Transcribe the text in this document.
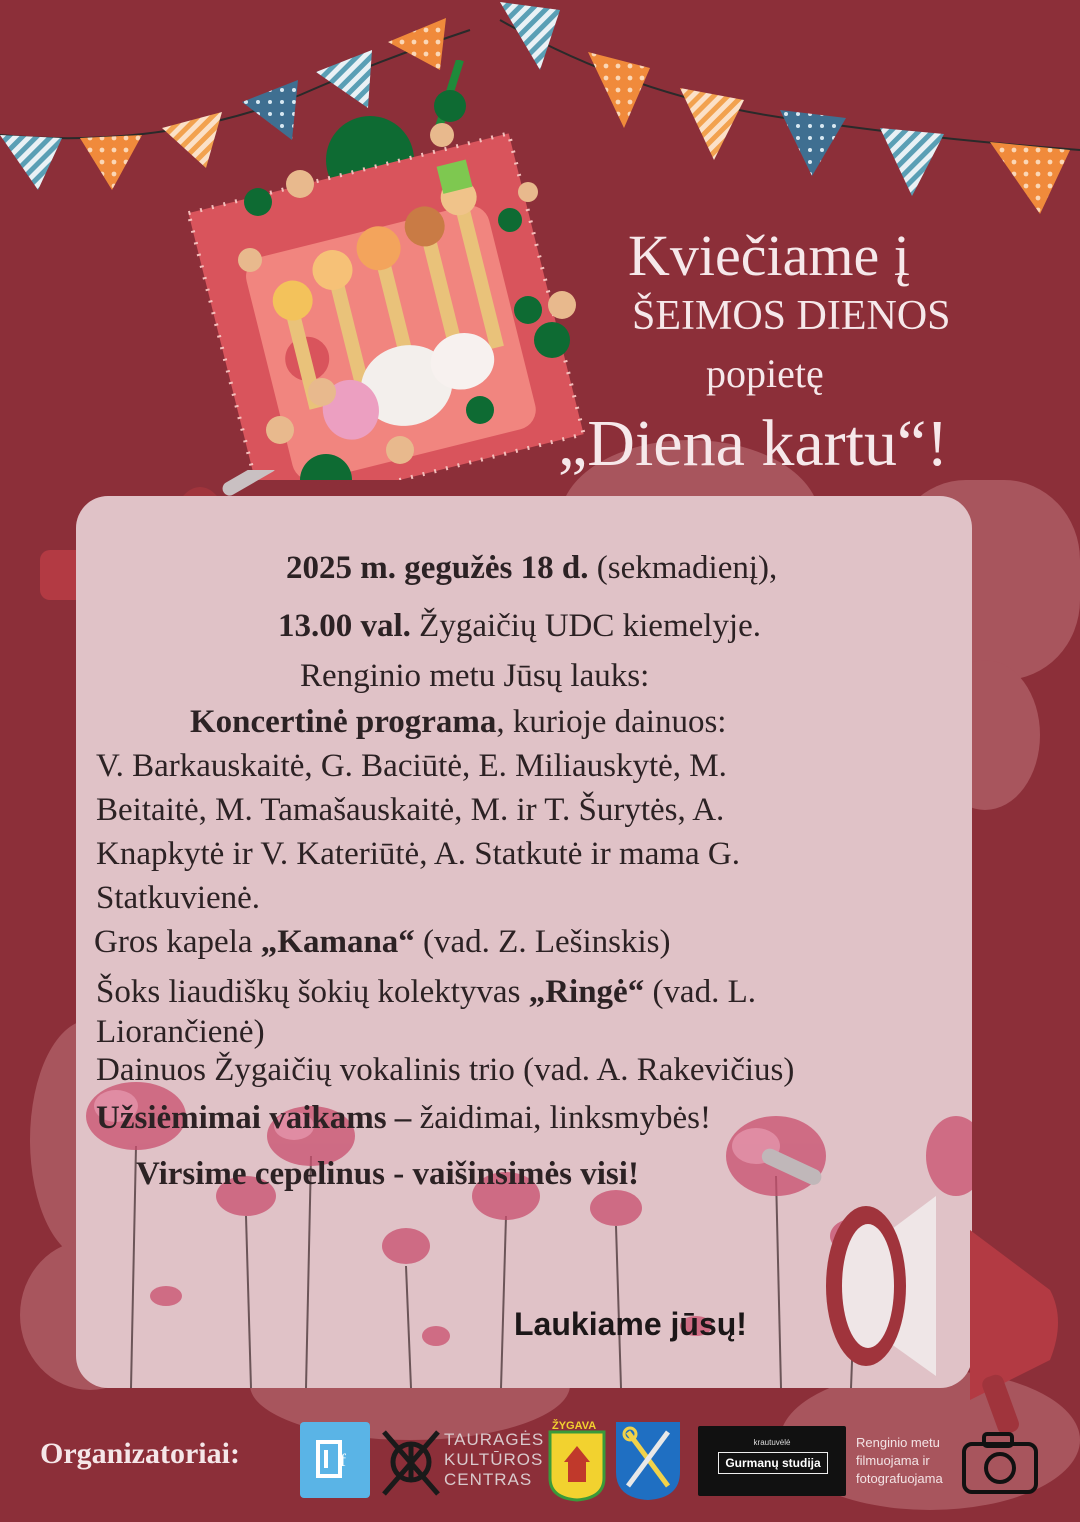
Kviečiame į
ŠEIMOS DIENOS
popietę
„Diena kartu“!
2025 m. gegužės 18 d. (sekmadienį),
13.00 val. Žygaičių UDC kiemelyje.
Renginio metu Jūsų lauks:
Koncertinė programa, kurioje dainuos:
V. Barkauskaitė, G. Baciūtė, E. Miliauskytė, M.
Beitaitė, M. Tamašauskaitė, M. ir T. Šurytės, A.
Knapkytė ir V. Kateriūtė, A. Statkutė ir mama G.
Statkuvienė.
Gros kapela „Kamana“ (vad. Z. Lešinskis)
Šoks liaudiškų šokių kolektyvas „Ringė“ (vad. L.
Liorančienė)
Dainuos Žygaičių vokalinis trio (vad. A. Rakevičius)
Užsiėmimai vaikams – žaidimai, linksmybės!
Virsime cepelinus - vaišinsimės visi!
Laukiame jūsų!
Organizatoriai:	f
TAURAGĖS
KULTŪROS
CENTRAS
ŽYGAVA
krautuvėlė
Gurmanų studija
Renginio metu
filmuojama ir
fotografuojama
